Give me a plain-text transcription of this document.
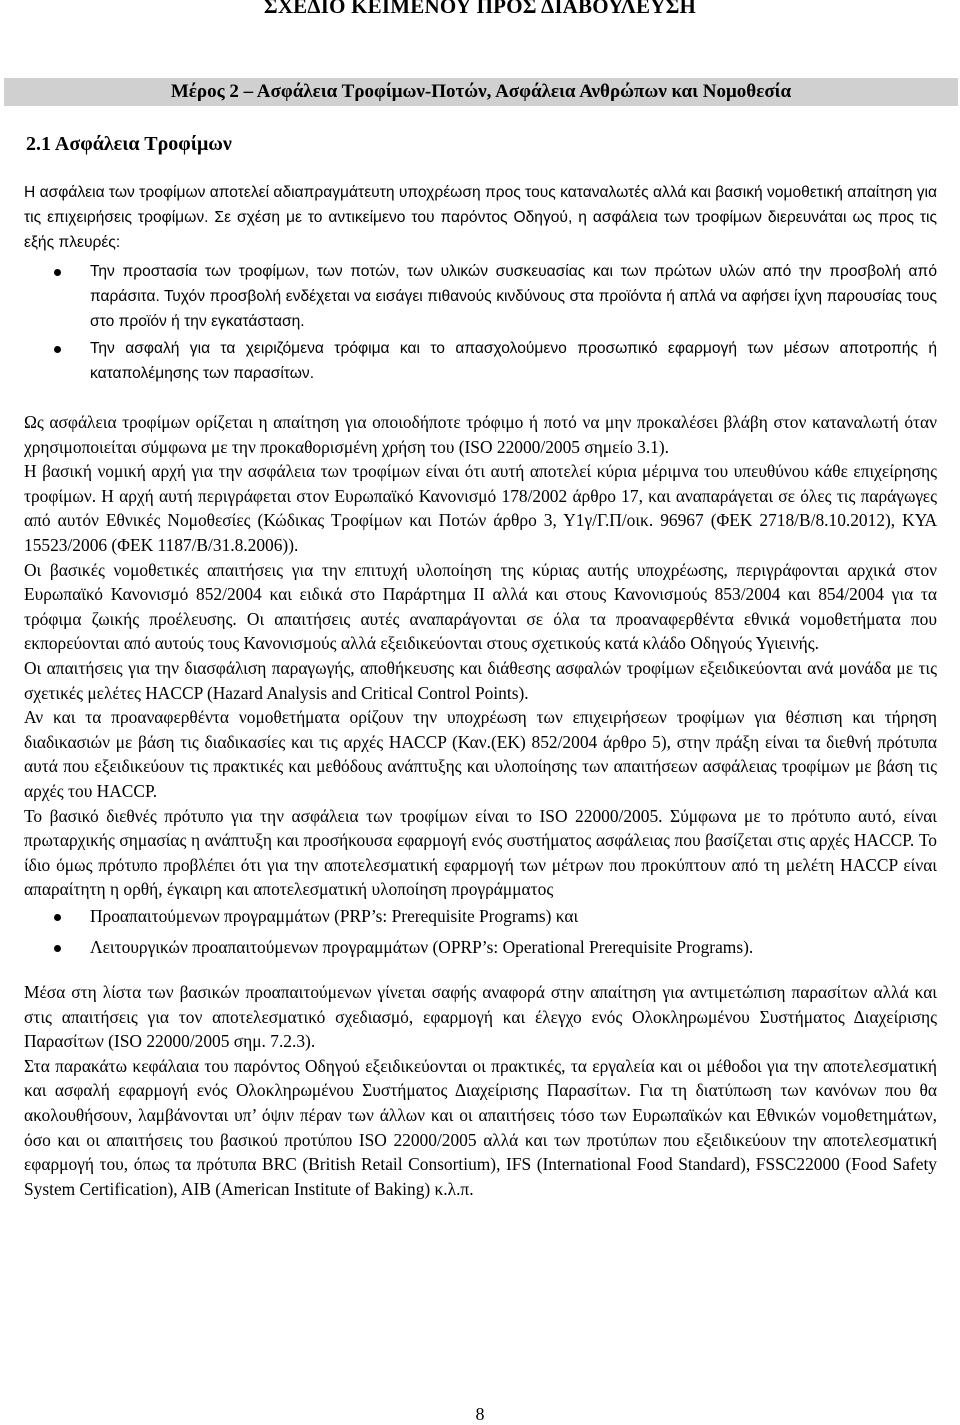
ΣΧΕΔΙΟ ΚΕΙΜΕΝΟΥ ΠΡΟΣ ΔΙΑΒΟΥΛΕΥΣΗ
Μέρος 2 – Ασφάλεια Τροφίμων-Ποτών, Ασφάλεια Ανθρώπων και Νομοθεσία
2.1 Ασφάλεια Τροφίμων

Η ασφάλεια των τροφίμων αποτελεί αδιαπραγμάτευτη υποχρέωση προς τους καταναλωτές αλλά και βασική νομοθετική απαίτηση για τις επιχειρήσεις τροφίμων. Σε σχέση με το αντικείμενο του παρόντος Οδηγού, η ασφάλεια των τροφίμων διερευνάται ως προς τις εξής πλευρές:

Την προστασία των τροφίμων, των ποτών, των υλικών συσκευασίας και των πρώτων υλών από την προσβολή από παράσιτα. Τυχόν προσβολή ενδέχεται να εισάγει πιθανούς κινδύνους στα προϊόντα ή απλά να αφήσει ίχνη παρουσίας τους στο προϊόν ή την εγκατάσταση.
Την ασφαλή για τα χειριζόμενα τρόφιμα και το απασχολούμενο προσωπικό εφαρμογή των μέσων αποτροπής ή καταπολέμησης των παρασίτων.

Ως ασφάλεια τροφίμων ορίζεται η απαίτηση για οποιοδήποτε τρόφιμο ή ποτό να μην προκαλέσει βλάβη στον καταναλωτή όταν χρησιμοποιείται σύμφωνα με την προκαθορισμένη χρήση του (ISO 22000/2005 σημείο 3.1).

Η βασική νομική αρχή για την ασφάλεια των τροφίμων είναι ότι αυτή αποτελεί κύρια μέριμνα του υπευθύνου κάθε επιχείρησης τροφίμων. Η αρχή αυτή περιγράφεται στον Ευρωπαϊκό Κανονισμό 178/2002 άρθρο 17, και αναπαράγεται σε όλες τις παράγωγες από αυτόν Εθνικές Νομοθεσίες (Κώδικας Τροφίμων και Ποτών άρθρο 3, Υ1γ/Γ.Π/οικ. 96967 (ΦΕΚ 2718/Β/8.10.2012), ΚΥΑ 15523/2006 (ΦΕΚ 1187/Β/31.8.2006)).

Οι βασικές νομοθετικές απαιτήσεις για την επιτυχή υλοποίηση της κύριας αυτής υποχρέωσης, περιγράφονται αρχικά στον Ευρωπαϊκό Κανονισμό 852/2004 και ειδικά στο Παράρτημα ΙΙ αλλά και στους Κανονισμούς 853/2004 και 854/2004 για τα τρόφιμα ζωικής προέλευσης. Οι απαιτήσεις αυτές αναπαράγονται σε όλα τα προαναφερθέντα εθνικά νομοθετήματα που εκπορεύονται από αυτούς τους Κανονισμούς αλλά εξειδικεύονται στους σχετικούς κατά κλάδο Οδηγούς Υγιεινής.

Οι απαιτήσεις για την διασφάλιση παραγωγής, αποθήκευσης και διάθεσης ασφαλών τροφίμων εξειδικεύονται ανά μονάδα με τις σχετικές μελέτες HACCP (Hazard Analysis and Critical Control Points).

Αν και τα προαναφερθέντα νομοθετήματα ορίζουν την υποχρέωση των επιχειρήσεων τροφίμων για θέσπιση και τήρηση διαδικασιών με βάση τις διαδικασίες και τις αρχές HACCP (Καν.(ΕΚ) 852/2004 άρθρο 5), στην πράξη είναι τα διεθνή πρότυπα αυτά που εξειδικεύουν τις πρακτικές και μεθόδους ανάπτυξης και υλοποίησης των απαιτήσεων ασφάλειας τροφίμων με βάση τις αρχές του HACCP.

Το βασικό διεθνές πρότυπο για την ασφάλεια των τροφίμων είναι το ISO 22000/2005. Σύμφωνα με το πρότυπο αυτό, είναι πρωταρχικής σημασίας η ανάπτυξη και προσήκουσα εφαρμογή ενός συστήματος ασφάλειας που βασίζεται στις αρχές HACCP. Το ίδιο όμως πρότυπο προβλέπει ότι για την αποτελεσματική εφαρμογή των μέτρων που προκύπτουν από τη μελέτη HACCP είναι απαραίτητη η ορθή, έγκαιρη και αποτελεσματική υλοποίηση προγράμματος

Προαπαιτούμενων προγραμμάτων (PRP’s: Prerequisite Programs) και
Λειτουργικών προαπαιτούμενων προγραμμάτων (OPRP’s: Operational Prerequisite Programs).

Μέσα στη λίστα των βασικών προαπαιτούμενων γίνεται σαφής αναφορά στην απαίτηση για αντιμετώπιση παρασίτων αλλά και στις απαιτήσεις για τον αποτελεσματικό σχεδιασμό, εφαρμογή και έλεγχο ενός Ολοκληρωμένου Συστήματος Διαχείρισης Παρασίτων (ISO 22000/2005 σημ. 7.2.3).

Στα παρακάτω κεφάλαια του παρόντος Οδηγού εξειδικεύονται οι πρακτικές, τα εργαλεία και οι μέθοδοι για την αποτελεσματική και ασφαλή εφαρμογή ενός Ολοκληρωμένου Συστήματος Διαχείρισης Παρασίτων. Για τη διατύπωση των κανόνων που θα ακολουθήσουν, λαμβάνονται υπ’ όψιν πέραν των άλλων και οι απαιτήσεις τόσο των Ευρωπαϊκών και Εθνικών νομοθετημάτων, όσο και οι απαιτήσεις του βασικού προτύπου ISO 22000/2005 αλλά και των προτύπων που εξειδικεύουν την αποτελεσματική εφαρμογή του, όπως τα πρότυπα BRC (British Retail Consortium), IFS (International Food Standard), FSSC22000 (Food Safety System Certification), AIB (American Institute of Baking) κ.λ.π.

8
